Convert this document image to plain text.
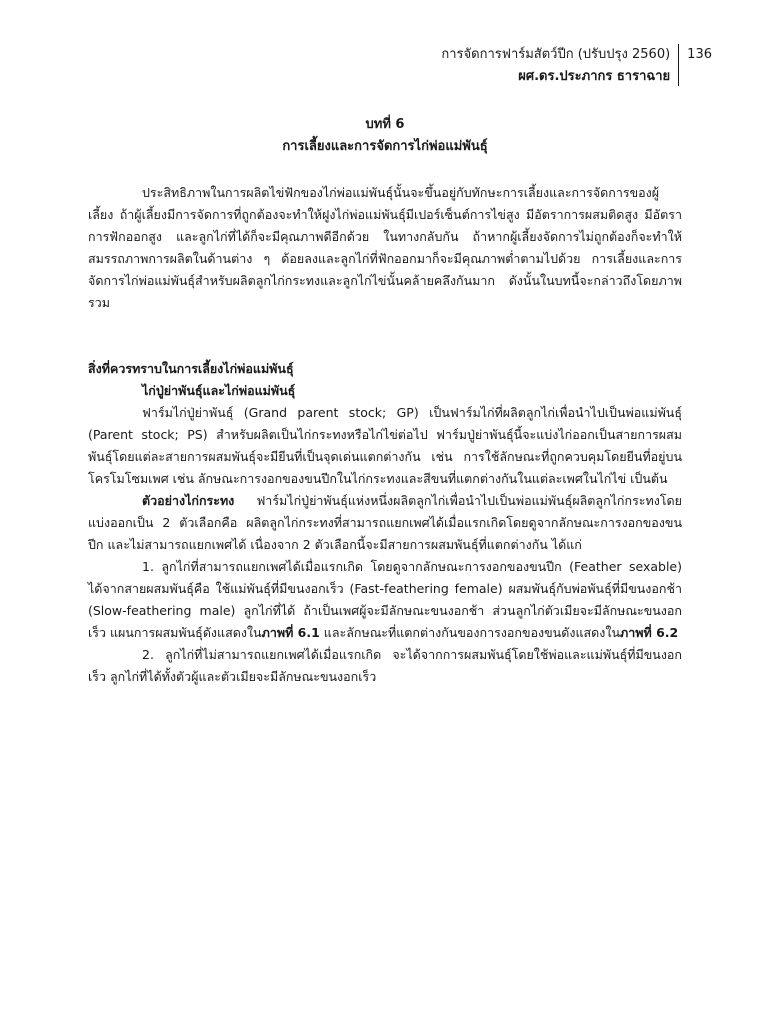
การจัดการฟาร์มสัตว์ปีก (ปรับปรุง 2560)
ผศ.ดร.ประภากร ธาราฉาย
136
บทที่ 6
การเลี้ยงและการจัดการไก่พ่อแม่พันธุ์

ประสิทธิภาพในการผลิตไข่ฟักของไก่พ่อแม่พันธุ์นั้นจะขึ้นอยู่กับทักษะการเลี้ยงและการจัดการของผู้เลี้ยง ถ้าผู้เลี้ยงมีการจัดการที่ถูกต้องจะทำให้ฝูงไก่พ่อแม่พันธุ์มีเปอร์เซ็นต์การไข่สูง มีอัตราการผสมติดสูง มีอัตราการฟักออกสูง และลูกไก่ที่ได้ก็จะมีคุณภาพดีอีกด้วย ในทางกลับกัน ถ้าหากผู้เลี้ยงจัดการไม่ถูกต้องก็จะทำให้สมรรถภาพการผลิตในด้านต่าง ๆ ด้อยลงและลูกไก่ที่ฟักออกมาก็จะมีคุณภาพต่ำตามไปด้วย การเลี้ยงและการจัดการไก่พ่อแม่พันธุ์สำหรับผลิตลูกไก่กระทงและลูกไก่ไข่นั้นคล้ายคลึงกันมาก ดังนั้นในบทนี้จะกล่าวถึงโดยภาพรวม

สิ่งที่ควรทราบในการเลี้ยงไก่พ่อแม่พันธุ์

ไก่ปู่ย่าพันธุ์และไก่พ่อแม่พันธุ์

ฟาร์มไก่ปู่ย่าพันธุ์ (Grand parent stock; GP) เป็นฟาร์มไก่ที่ผลิตลูกไก่เพื่อนำไปเป็นพ่อแม่พันธุ์ (Parent stock; PS) สำหรับผลิตเป็นไก่กระทงหรือไก่ไข่ต่อไป ฟาร์มปู่ย่าพันธุ์นี้จะแบ่งไก่ออกเป็นสายการผสมพันธุ์โดยแต่ละสายการผสมพันธุ์จะมียีนที่เป็นจุดเด่นแตกต่างกัน เช่น การใช้ลักษณะที่ถูกควบคุมโดยยีนที่อยู่บนโครโมโซมเพศ เช่น ลักษณะการงอกของขนปีกในไก่กระทงและสีขนที่แตกต่างกันในแต่ละเพศในไก่ไข่ เป็นต้น

ตัวอย่างไก่กระทง ฟาร์มไก่ปู่ย่าพันธุ์แห่งหนึ่งผลิตลูกไก่เพื่อนำไปเป็นพ่อแม่พันธุ์ผลิตลูกไก่กระทงโดยแบ่งออกเป็น 2 ตัวเลือกคือ ผลิตลูกไก่กระทงที่สามารถแยกเพศได้เมื่อแรกเกิดโดยดูจากลักษณะการงอกของขนปีก และไม่สามารถแยกเพศได้ เนื่องจาก 2 ตัวเลือกนี้จะมีสายการผสมพันธุ์ที่แตกต่างกัน ได้แก่

1. ลูกไก่ที่สามารถแยกเพศได้เมื่อแรกเกิด โดยดูจากลักษณะการงอกของขนปีก (Feather sexable) ได้จากสายผสมพันธุ์คือ ใช้แม่พันธุ์ที่มีขนงอกเร็ว (Fast-feathering female) ผสมพันธุ์กับพ่อพันธุ์ที่มีขนงอกช้า (Slow-feathering male) ลูกไก่ที่ได้ ถ้าเป็นเพศผู้จะมีลักษณะขนงอกช้า ส่วนลูกไก่ตัวเมียจะมีลักษณะขนงอกเร็ว แผนการผสมพันธุ์ดังแสดงในภาพที่ 6.1 และลักษณะที่แตกต่างกันของการงอกของขนดังแสดงในภาพที่ 6.2

2. ลูกไก่ที่ไม่สามารถแยกเพศได้เมื่อแรกเกิด จะได้จากการผสมพันธุ์โดยใช้พ่อและแม่พันธุ์ที่มีขนงอกเร็ว ลูกไก่ที่ได้ทั้งตัวผู้และตัวเมียจะมีลักษณะขนงอกเร็ว
